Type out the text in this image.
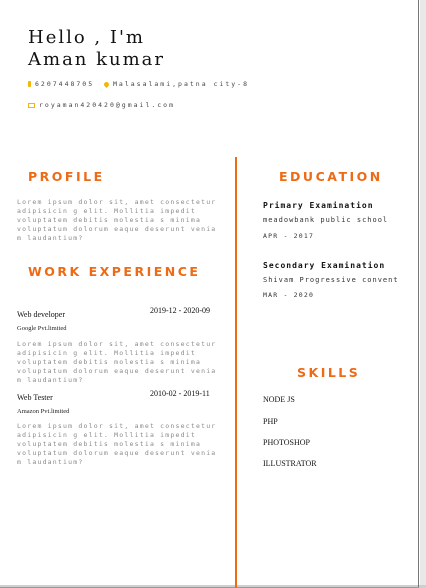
Hello , I'm
Aman kumar
6207448705	Malasalami,patna city-8
royaman420420@gmail.com
PROFILE
Lorem ipsum dolor sit, amet consectetur adipisicin g elit. Mollitia impedit voluptatem debitis molestia s minima voluptatum dolorum eaque deserunt venia m laudantium?
WORK EXPERIENCE
Web developer	2019-12 - 2020-09
Google Pvt.limited
Lorem ipsum dolor sit, amet consectetur adipisicin g elit. Mollitia impedit voluptatem debitis molestia s minima voluptatum dolorum eaque deserunt venia m laudantium?
Web Tester	2010-02 - 2019-11
Amazon Pvt.limited
Lorem ipsum dolor sit, amet consectetur adipisicin g elit. Mollitia impedit voluptatem debitis molestia s minima voluptatum dolorum eaque deserunt venia m laudantium?
EDUCATION
Primary Examination
meadowbank public school
APR - 2017
Secondary Examination
Shivam Progressive convent
MAR - 2020
SKILLS
NODE JS
PHP
PHOTOSHOP
ILLUSTRATOR
